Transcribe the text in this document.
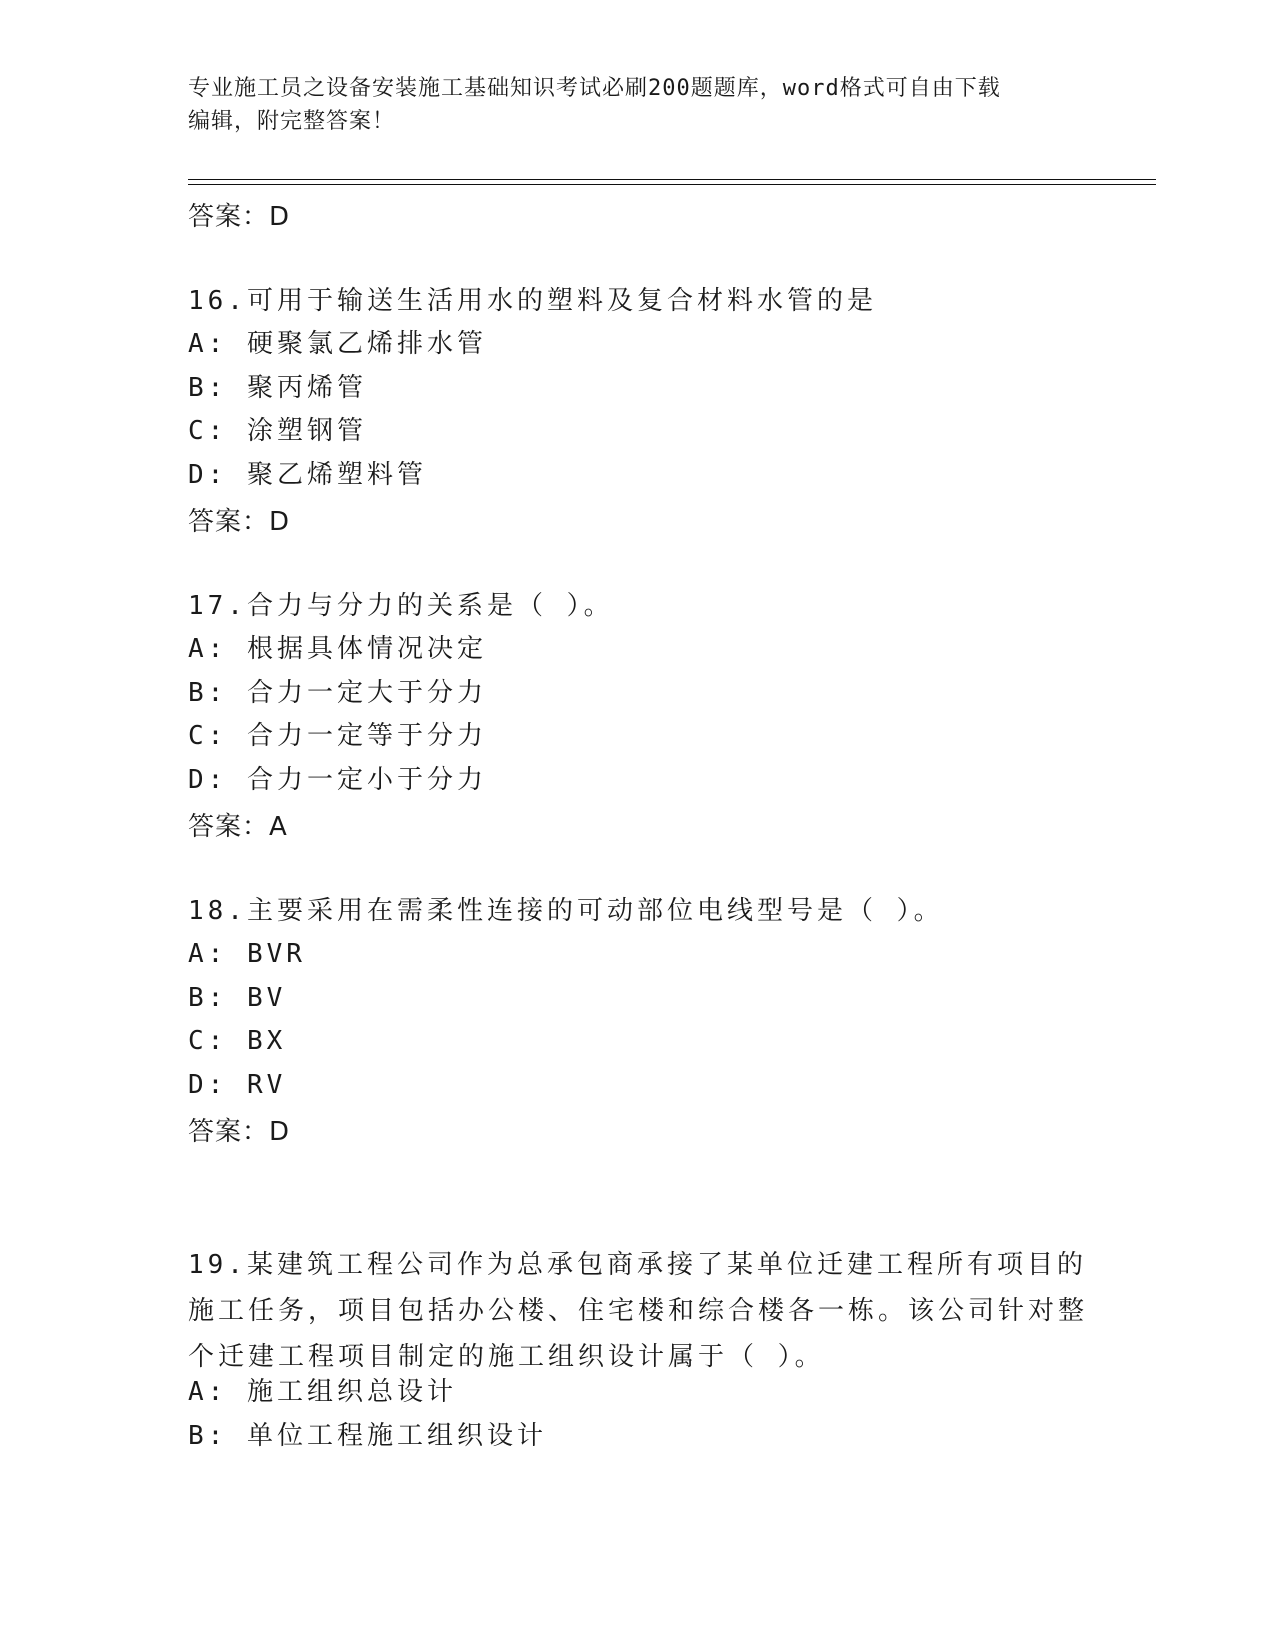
专业施工员之设备安装施工基础知识考试必刷200题题库，word格式可自由下载
编辑，附完整答案！
答案：D
16.可用于输送生活用水的塑料及复合材料水管的是
A: 硬聚氯乙烯排水管
B: 聚丙烯管
C: 涂塑钢管
D: 聚乙烯塑料管
答案：D
17.合力与分力的关系是（ ）。
A: 根据具体情况决定
B: 合力一定大于分力
C: 合力一定等于分力
D: 合力一定小于分力
答案：A
18.主要采用在需柔性连接的可动部位电线型号是（ ）。
A: BVR
B: BV
C: BX
D: RV
答案：D
19.某建筑工程公司作为总承包商承接了某单位迁建工程所有项目的施工任务，项目包括办公楼、住宅楼和综合楼各一栋。该公司针对整个迁建工程项目制定的施工组织设计属于（ ）。
A: 施工组织总设计
B: 单位工程施工组织设计
